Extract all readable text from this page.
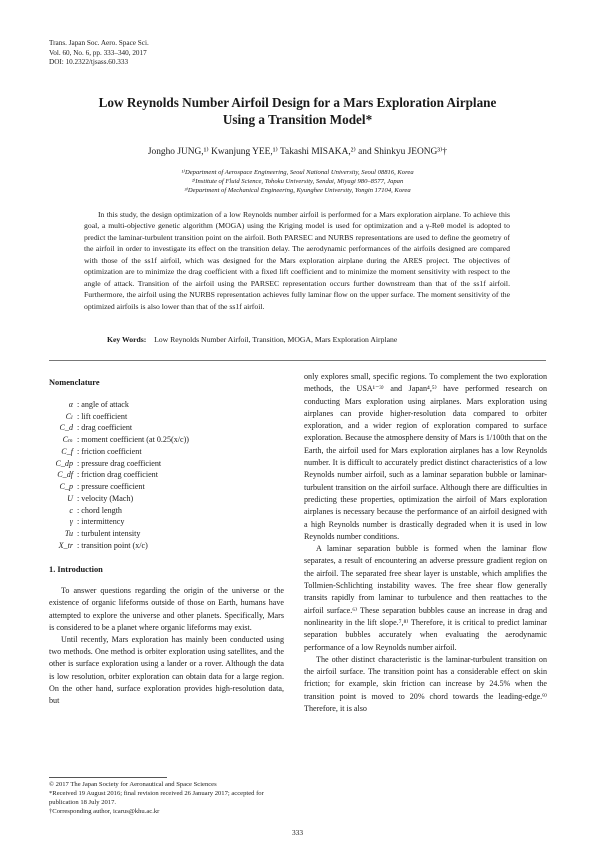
Trans. Japan Soc. Aero. Space Sci.
Vol. 60, No. 6, pp. 333–340, 2017
DOI: 10.2322/tjsass.60.333
Low Reynolds Number Airfoil Design for a Mars Exploration Airplane
Using a Transition Model*
Jongho JUNG,¹⁾ Kwanjung YEE,¹⁾ Takashi MISAKA,²⁾ and Shinkyu JEONG³⁾†
¹⁾Department of Aerospace Engineering, Seoul National University, Seoul 08816, Korea
²⁾Institute of Fluid Science, Tohoku University, Sendai, Miyagi 980–8577, Japan
³⁾Department of Mechanical Engineering, Kyunghee University, Yongin 17104, Korea

In this study, the design optimization of a low Reynolds number airfoil is performed for a Mars exploration airplane. To achieve this goal, a multi-objective genetic algorithm (MOGA) using the Kriging model is used for optimization and a γ-Reθ model is adopted to predict the laminar-turbulent transition point on the airfoil. Both PARSEC and NURBS representations are used to define the geometry of the airfoil in order to investigate its effect on the transition delay. The aerodynamic performances of the airfoils designed are compared with those of the ss1f airfoil, which was designed for the Mars exploration airplane during the ARES project. The objectives of optimization are to minimize the drag coefficient with a fixed lift coefficient and to minimize the moment sensitivity with respect to the angle of attack. Transition of the airfoil using the PARSEC representation occurs further downstream than that of the ss1f airfoil. Furthermore, the airfoil using the NURBS representation achieves fully laminar flow on the upper surface. The moment sensitivity of the optimized airfoils is also lower than that of the ss1f airfoil.

Key Words: Low Reynolds Number Airfoil, Transition, MOGA, Mars Exploration Airplane
Nomenclature
α : angle of attack
Cₗ : lift coefficient
C_d : drag coefficient
Cₘ : moment coefficient (at 0.25(x/c))
C_f : friction coefficient
C_dp : pressure drag coefficient
C_df : friction drag coefficient
C_p : pressure coefficient
U : velocity (Mach)
c : chord length
γ : intermittency
Tu : turbulent intensity
X_tr : transition point (x/c)
1. Introduction

To answer questions regarding the origin of the universe or the existence of organic lifeforms outside of those on Earth, humans have attempted to explore the universe and other planets. Specifically, Mars is considered to be a planet where organic lifeforms may exist.

Until recently, Mars exploration has mainly been conducted using two methods. One method is orbiter exploration using satellites, and the other is surface exploration using a lander or a rover. Although the data is low resolution, orbiter exploration can obtain data for a large region. On the other hand, surface exploration provides high-resolution data, but

only explores small, specific regions. To complement the two exploration methods, the USA¹⁻³⁾ and Japan⁴,⁵⁾ have performed research on conducting Mars exploration using airplanes. Mars exploration using airplanes can provide higher-resolution data compared to orbiter exploration, and a wider region of exploration compared to surface exploration. Because the atmosphere density of Mars is 1/100th that on the Earth, the airfoil used for Mars exploration airplanes has a low Reynolds number. It is difficult to accurately predict distinct characteristics of a low Reynolds number airfoil, such as a laminar separation bubble or laminar-turbulent transition on the airfoil surface. Although there are difficulties in predicting these properties, optimization the airfoil of Mars exploration airplanes is necessary because the performance of an airfoil designed with a high Reynolds number is drastically degraded when it is used in low Reynolds number conditions.

A laminar separation bubble is formed when the laminar flow separates, a result of encountering an adverse pressure gradient region on the airfoil. The separated free shear layer is unstable, which amplifies the Tollmien-Schlichting instability waves. The free shear flow generally transits rapidly from laminar to turbulence and then reattaches to the airfoil surface.⁶⁾ These separation bubbles cause an increase in drag and nonlinearity in the lift slope.⁷,⁸⁾ Therefore, it is critical to predict laminar separation bubbles accurately when evaluating the aerodynamic performance of a low Reynolds number airfoil.

The other distinct characteristic is the laminar-turbulent transition on the airfoil surface. The transition point has a considerable effect on skin friction; for example, skin friction can increase by 24.5% when the transition point is moved to 20% chord towards the leading-edge.⁹⁾ Therefore, it is also

© 2017 The Japan Society for Aeronautical and Space Sciences
*Received 19 August 2016; final revision received 26 January 2017; accepted for publication 18 July 2017.
†Corresponding author, icarus@khu.ac.kr
333
